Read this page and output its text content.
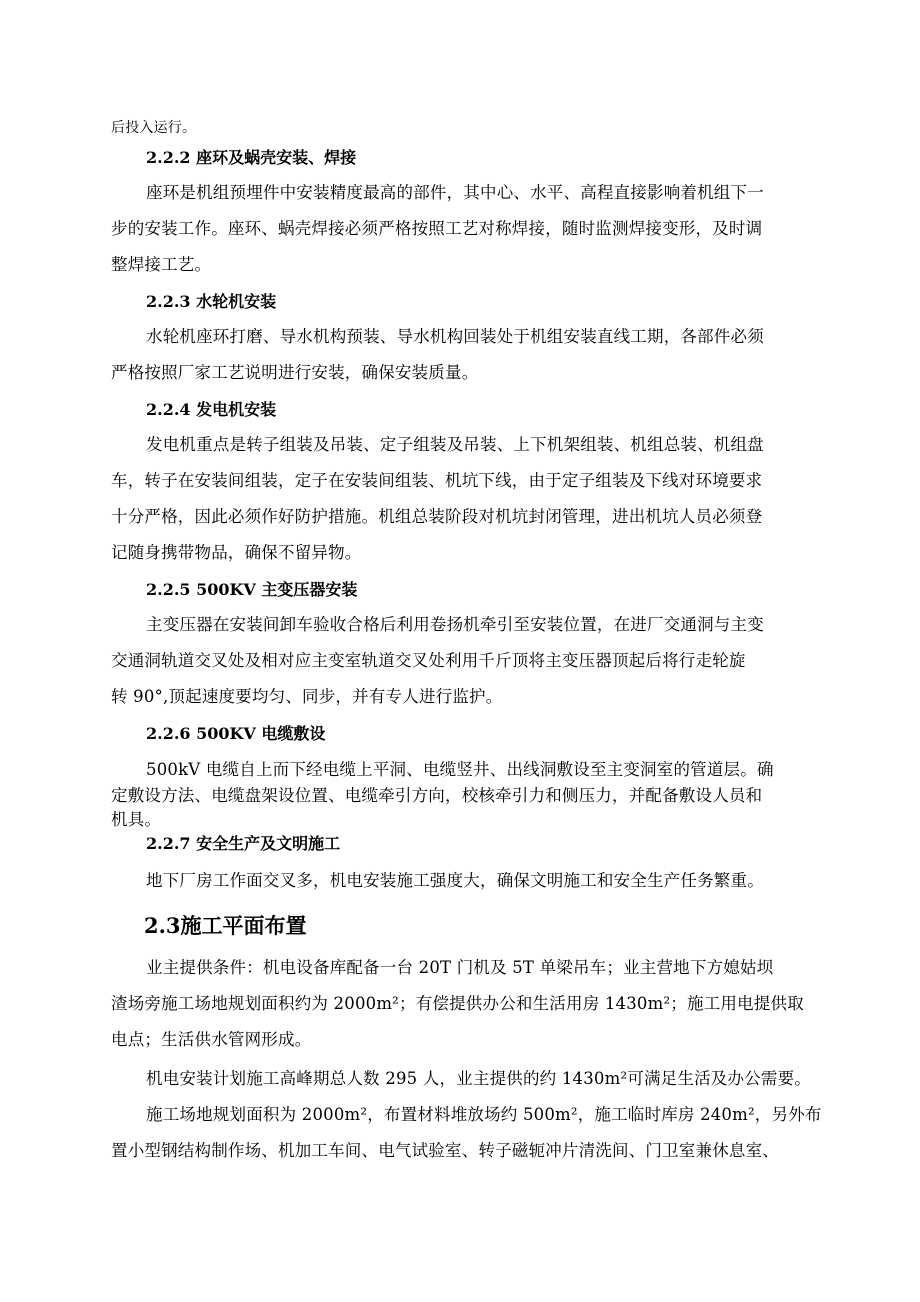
后投入运行。
2.2.2 座环及蜗壳安装、焊接
座环是机组预埋件中安装精度最高的部件，其中心、水平、高程直接影响着机组下一
步的安装工作。座环、蜗壳焊接必须严格按照工艺对称焊接，随时监测焊接变形，及时调
整焊接工艺。
2.2.3 水轮机安装
水轮机座环打磨、导水机构预装、导水机构回装处于机组安装直线工期，各部件必须
严格按照厂家工艺说明进行安装，确保安装质量。
2.2.4 发电机安装
发电机重点是转子组装及吊装、定子组装及吊装、上下机架组装、机组总装、机组盘
车，转子在安装间组装，定子在安装间组装、机坑下线，由于定子组装及下线对环境要求
十分严格，因此必须作好防护措施。机组总装阶段对机坑封闭管理，进出机坑人员必须登
记随身携带物品，确保不留异物。
2.2.5 500KV 主变压器安装
主变压器在安装间卸车验收合格后利用卷扬机牵引至安装位置，在进厂交通洞与主变
交通洞轨道交叉处及相对应主变室轨道交叉处利用千斤顶将主变压器顶起后将行走轮旋
转 90°,顶起速度要均匀、同步，并有专人进行监护。
2.2.6 500KV 电缆敷设
500kV 电缆自上而下经电缆上平洞、电缆竖井、出线洞敷设至主变洞室的管道层。确
定敷设方法、电缆盘架设位置、电缆牵引方向，校核牵引力和侧压力，并配备敷设人员和
机具。
2.2.7 安全生产及文明施工
地下厂房工作面交叉多，机电安装施工强度大，确保文明施工和安全生产任务繁重。
2.3施工平面布置
业主提供条件：机电设备库配备一台 20T 门机及 5T 单梁吊车；业主营地下方媳姑坝
渣场旁施工场地规划面积约为 2000m²；有偿提供办公和生活用房 1430m²；施工用电提供取
电点；生活供水管网形成。
机电安装计划施工高峰期总人数 295 人，业主提供的约 1430m²可满足生活及办公需要。
施工场地规划面积为 2000m²，布置材料堆放场约 500m²，施工临时库房 240m²，另外布
置小型钢结构制作场、机加工车间、电气试验室、转子磁轭冲片清洗间、门卫室兼休息室、
